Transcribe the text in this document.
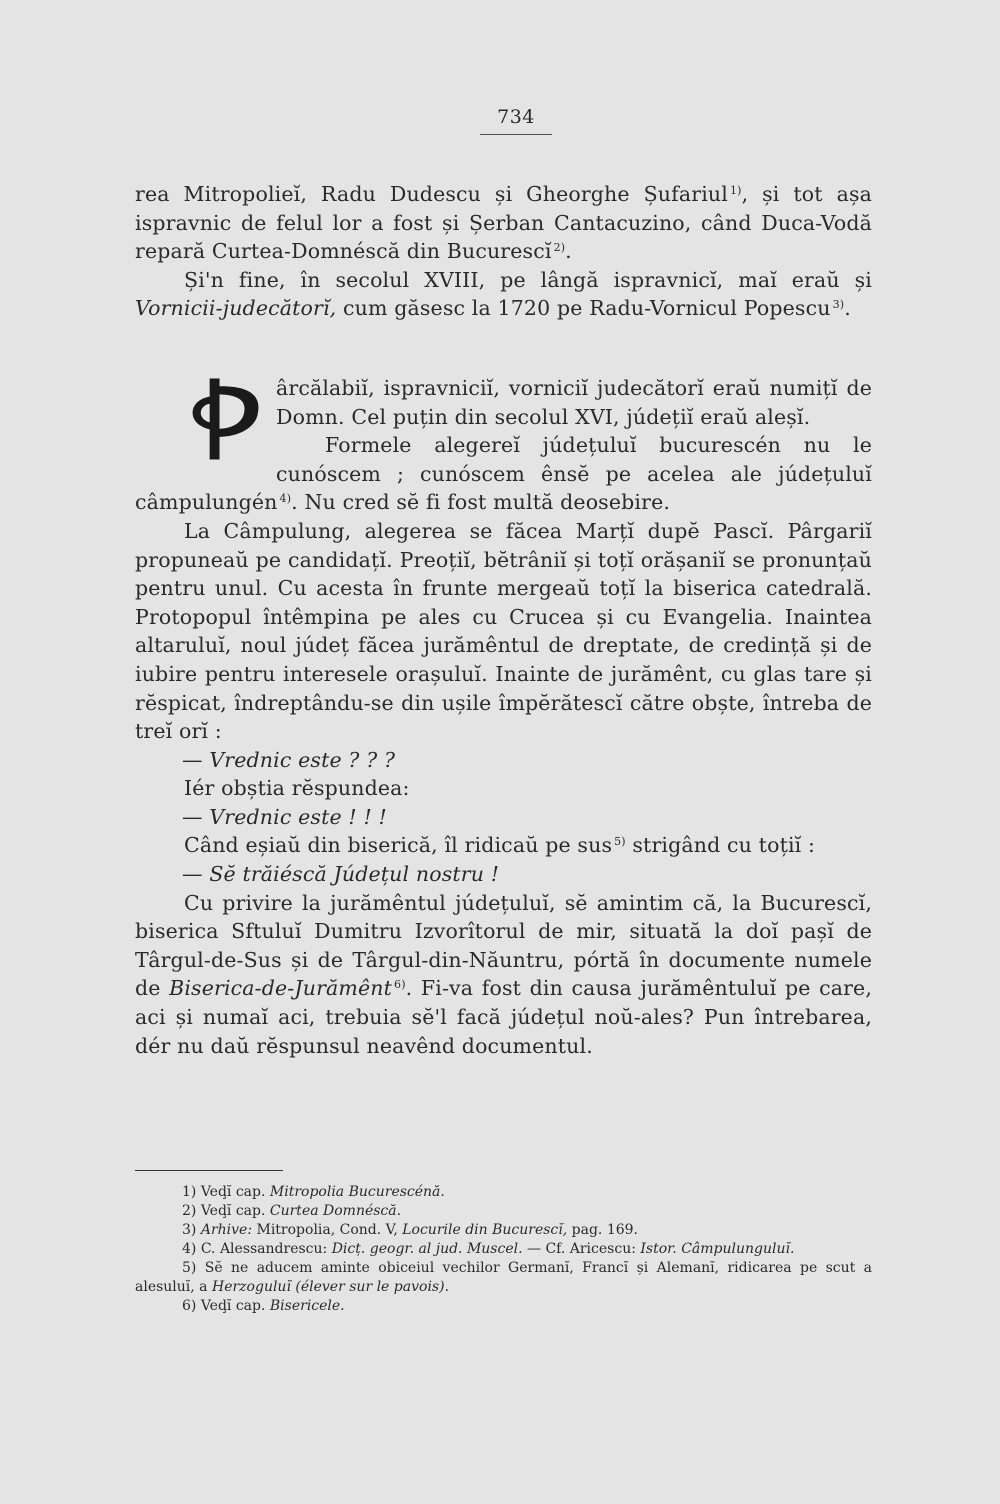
734

rea Mitropolieĭ, Radu Dudescu și Gheorghe Șufariul $^{1)}$, și tot așa ispravnic de felul lor a fost și Șerban Cantacuzino, când Duca-Vodă repară Curtea-Domnéscă din Bucurescĭ $^{2)}$.

Și'n fine, în secolul XVIII, pe lângă ispravnicĭ, maĭ eraŭ și Vornicii-judecătorĭ, cum găsesc la 1720 pe Radu-Vornicul Popescu $^{3)}$.

ârcălabiĭ, ispravniciĭ, vorniciĭ judecătorĭ eraŭ numițĭ de Domn. Cel puțin din secolul XVI, júdețiĭ eraŭ aleșĭ.

Formele alegereĭ júdețuluĭ bucurescén nu le cunóscem ; cunóscem ênsĕ pe acelea ale júdețuluĭ câmpulungén $^{4)}$. Nu cred sĕ fi fost multă deosebire.

La Câmpulung, alegerea se făcea Marțĭ dupĕ Pascĭ. Pârgariĭ propuneaŭ pe candidațĭ. Preoțiĭ, bĕtrâniĭ și toțĭ orășaniĭ se pronunțaŭ pentru unul. Cu acesta în frunte mergeaŭ toțĭ la biserica catedrală. Protopopul întêmpina pe ales cu Crucea și cu Evangelia. Inaintea altaruluĭ, noul júdeț făcea jurămêntul de dreptate, de credință și de iubire pentru interesele orașuluĭ. Inainte de jurămênt, cu glas tare și rĕspicat, îndreptându-se din ușile împĕrătescĭ către obște, întreba de treĭ orĭ :

— Vrednic este ? ? ?

Iér obștia rĕspundea:

— Vrednic este ! ! !

Când eșiaŭ din biserică, îl ridicaŭ pe sus $^{5)}$ strigând cu toțiĭ :

— Sĕ trăiéscă Júdețul nostru !

Cu privire la jurămêntul júdețuluĭ, sĕ amintim că, la Bucurescĭ, biserica Sftuluĭ Dumitru Izvorîtorul de mir, situată la doĭ pașĭ de Târgul-de-Sus și de Târgul-din-Năuntru, pórtă în documente numele de Biserica-de-Jurămênt $^{6)}$. Fi-va fost din causa jurămêntuluĭ pe care, aci și numaĭ aci, trebuia sĕ'l facă júdețul noŭ-ales? Pun întrebarea, dér nu daŭ rĕspunsul neavênd documentul.

1) Veḑĭ cap. Mitropolia Bucurescénă.

2) Veḑĭ cap. Curtea Domnéscă.

3) Arhive: Mitropolia, Cond. V, Locurile din Bucurescĭ, pag. 169.

4) C. Alessandrescu: Dicț. geogr. al jud. Muscel. — Cf. Aricescu: Istor. Câmpulunguluĭ.

5) Sĕ ne aducem aminte obiceiul vechilor Germanĭ, Francĭ și Alemanĭ, ridicarea pe scut a alesuluĭ, a Herzoguluĭ (élever sur le pavois).

6) Veḑĭ cap. Bisericele.
